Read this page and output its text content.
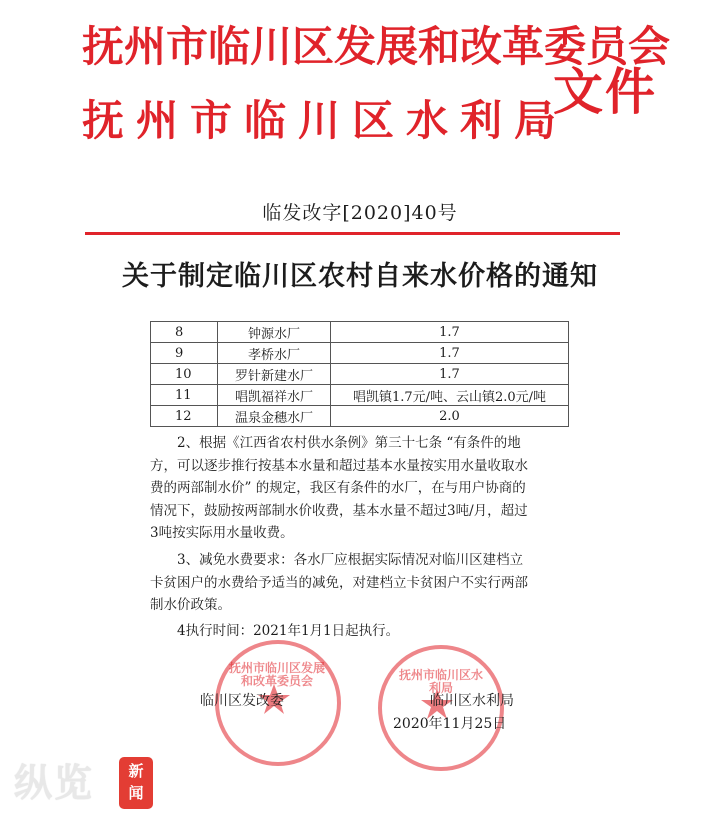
抚州市临川区发展和改革委员会
抚州市临川区水利局
文件
临发改字[2020]40号
关于制定临川区农村自来水价格的通知
8	钟源水厂	1.7
9	孝桥水厂	1.7
10	罗针新建水厂	1.7
11	唱凯福祥水厂	唱凯镇1.7元/吨、云山镇2.0元/吨
12	温泉金穗水厂	2.0
　　2、根据《江西省农村供水条例》第三十七条 “有条件的地
方，可以逐步推行按基本水量和超过基本水量按实用水量收取水
费的两部制水价” 的规定，我区有条件的水厂，在与用户协商的
情况下，鼓励按两部制水价收费，基本水量不超过3吨/月，超过
3吨按实际用水量收费。
　　3、减免水费要求：各水厂应根据实际情况对临川区建档立
卡贫困户的水费给予适当的减免，对建档立卡贫困户不实行两部
制水价政策。
　　4执行时间：2021年1月1日起执行。
抚州市临川区发展和改革委员会	抚州市临川区水利局
临川区发改委	临川区水利局
2020年11月25日
纵览	新
闻
